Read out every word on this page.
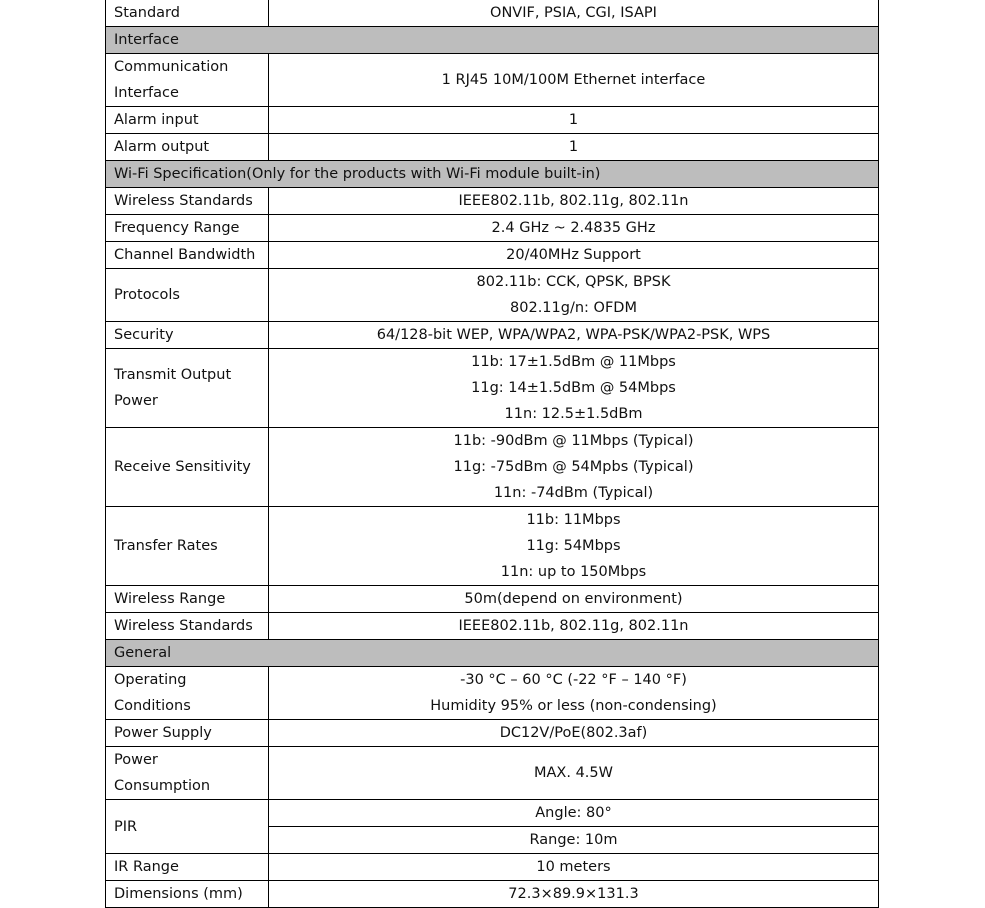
Standard	ONVIF, PSIA, CGI, ISAPI
Interface	

Communication
Interface	1 RJ45 10M/100M Ethernet interface
Alarm input	1
Alarm output	1
Wi-Fi Specification(Only for the products with Wi-Fi module built-in)	
Wireless Standards	IEEE802.11b, 802.11g, 802.11n
Frequency Range	2.4 GHz ~ 2.4835 GHz
Channel Bandwidth	20/40MHz Support
Protocols	802.11b: CCK, QPSK, BPSK
802.11g/n: OFDM

Security	64/128-bit WEP, WPA/WPA2, WPA-PSK/WPA2-PSK, WPS

Transmit Output
Power	11b: 17±1.5dBm @ 11Mbps
11g: 14±1.5dBm @ 54Mbps
11n: 12.5±1.5dBm

Receive Sensitivity	11b: -90dBm @ 11Mbps (Typical)
11g: -75dBm @ 54Mpbs (Typical)
11n: -74dBm (Typical)

Transfer Rates	11b: 11Mbps
11g: 54Mbps
11n: up to 150Mbps

Wireless Range	50m(depend on environment)
Wireless Standards	IEEE802.11b, 802.11g, 802.11n
General	

Operating
Conditions	-30 °C – 60 °C (-22 °F – 140 °F)
Humidity 95% or less (non-condensing)

Power Supply	DC12V/PoE(802.3af)

Power
Consumption	MAX. 4.5W
PIR	Angle: 80°
	Range: 10m
IR Range	10 meters
Dimensions (mm)	72.3×89.9×131.3
